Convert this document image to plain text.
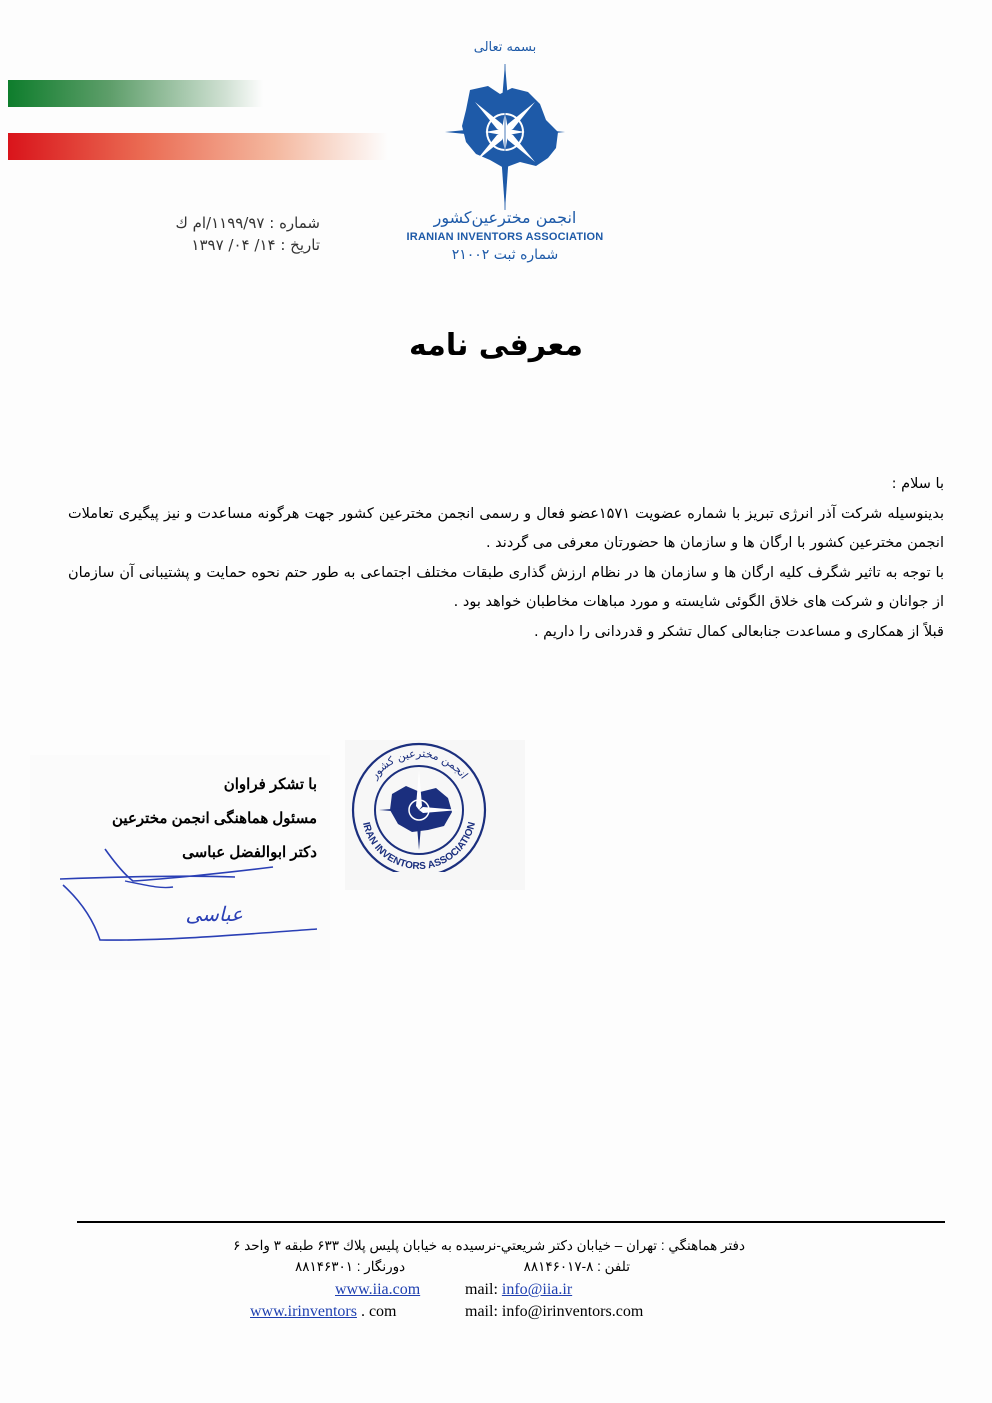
بسمه تعالی
انجمن مخترعین‌کشور
IRANIAN INVENTORS ASSOCIATION
شماره ثبت ۲۱۰۰۲
شماره : ۱۱۹۹/۹۷/ام ك
تاریخ : ۱۴/ ۰۴/ ۱۳۹۷
معرفی نامه

با سلام :

بدینوسیله شرکت آذر انرژی تبریز با شماره عضویت ۱۵۷۱عضو فعال و رسمی انجمن مخترعین کشور جهت هرگونه مساعدت و نیز پیگیری تعاملات انجمن مخترعین کشور با ارگان ها و سازمان ها حضورتان معرفی می گردند .

با توجه به تاثیر شگرف کلیه ارگان ها و سازمان ها در نظام ارزش گذاری طبقات مختلف اجتماعی به طور حتم نحوه حمایت و پشتیبانی آن سازمان از جوانان و شرکت های خلاق الگوئی شایسته و مورد مباهات مخاطبان خواهد بود .

قبلاً از همکاری و مساعدت جنابعالی کمال تشکر و قدردانی را داریم .

با تشکر فراوان
مسئول هماهنگی انجمن مخترعین
دکتر ابوالفضل عباسی
عباسی
انجمن مخترعین کشور
IRAN INVENTORS ASSOCIATION
دفتر هماهنگي : تهران – خيابان دكتر شريعتي-نرسيده به خيابان پليس پلاك ۶۳۳ طبقه ۳ واحد ۶
تلفن : ۸-۸۸۱۴۶۰۱۷
دورنگار : ۸۸۱۴۶۳۰۱
www.iia.com	mail: info@iia.ir
www.irinventors . com	mail: info@irinventors.com
